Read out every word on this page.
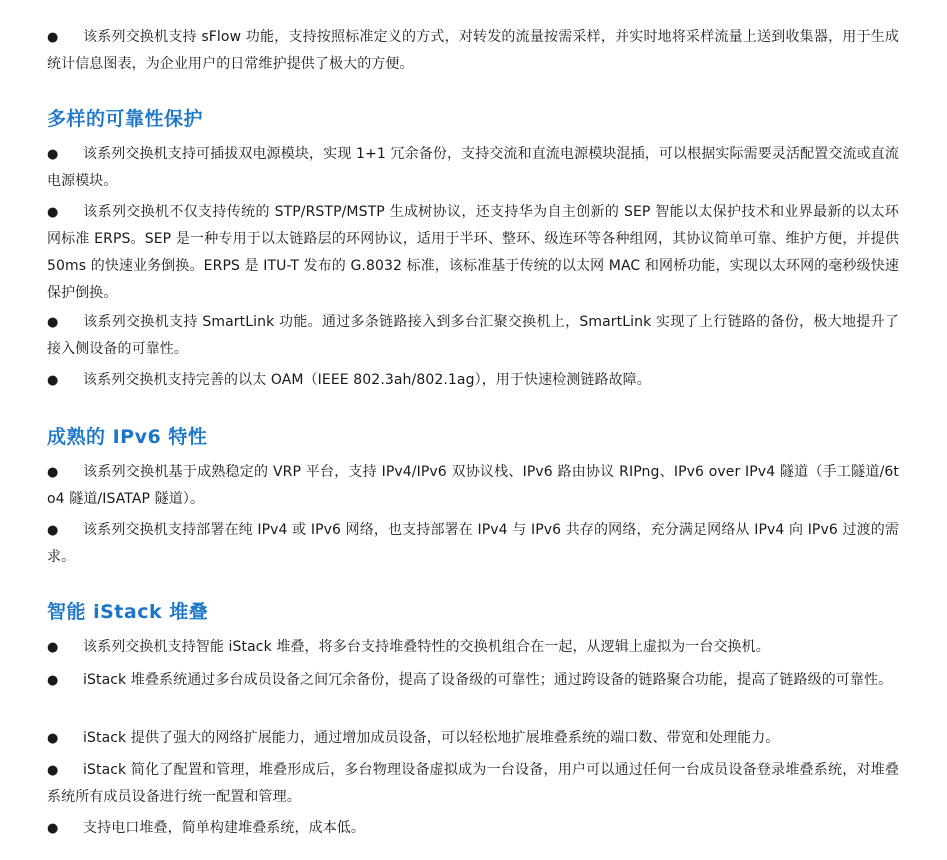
● 该系列交换机支持 sFlow 功能，支持按照标准定义的方式，对转发的流量按需采样，并实时地将采样流量上送到收集器，用于生成统计信息图表，为企业用户的日常维护提供了极大的方便。
多样的可靠性保护
● 该系列交换机支持可插拔双电源模块，实现 1+1 冗余备份，支持交流和直流电源模块混插，可以根据实际需要灵活配置交流或直流电源模块。
● 该系列交换机不仅支持传统的 STP/RSTP/MSTP 生成树协议，还支持华为自主创新的 SEP 智能以太保护技术和业界最新的以太环网标准 ERPS。SEP 是一种专用于以太链路层的环网协议，适用于半环、整环、级连环等各种组网，其协议简单可靠、维护方便，并提供 50ms 的快速业务倒换。ERPS 是 ITU-T 发布的 G.8032 标准，该标准基于传统的以太网 MAC 和网桥功能，实现以太环网的毫秒级快速保护倒换。
● 该系列交换机支持 SmartLink 功能。通过多条链路接入到多台汇聚交换机上，SmartLink 实现了上行链路的备份，极大地提升了接入侧设备的可靠性。
● 该系列交换机支持完善的以太 OAM（IEEE 802.3ah/802.1ag），用于快速检测链路故障。
成熟的 IPv6 特性
● 该系列交换机基于成熟稳定的 VRP 平台，支持 IPv4/IPv6 双协议栈、IPv6 路由协议 RIPng、IPv6 over IPv4 隧道（手工隧道/6to4 隧道/ISATAP 隧道）。
● 该系列交换机支持部署在纯 IPv4 或 IPv6 网络，也支持部署在 IPv4 与 IPv6 共存的网络，充分满足网络从 IPv4 向 IPv6 过渡的需求。
智能 iStack 堆叠
● 该系列交换机支持智能 iStack 堆叠，将多台支持堆叠特性的交换机组合在一起，从逻辑上虚拟为一台交换机。
● iStack 堆叠系统通过多台成员设备之间冗余备份，提高了设备级的可靠性；通过跨设备的链路聚合功能，提高了链路级的可靠性。
● iStack 提供了强大的网络扩展能力，通过增加成员设备，可以轻松地扩展堆叠系统的端口数、带宽和处理能力。
● iStack 简化了配置和管理，堆叠形成后，多台物理设备虚拟成为一台设备，用户可以通过任何一台成员设备登录堆叠系统，对堆叠系统所有成员设备进行统一配置和管理。
● 支持电口堆叠，简单构建堆叠系统，成本低。
